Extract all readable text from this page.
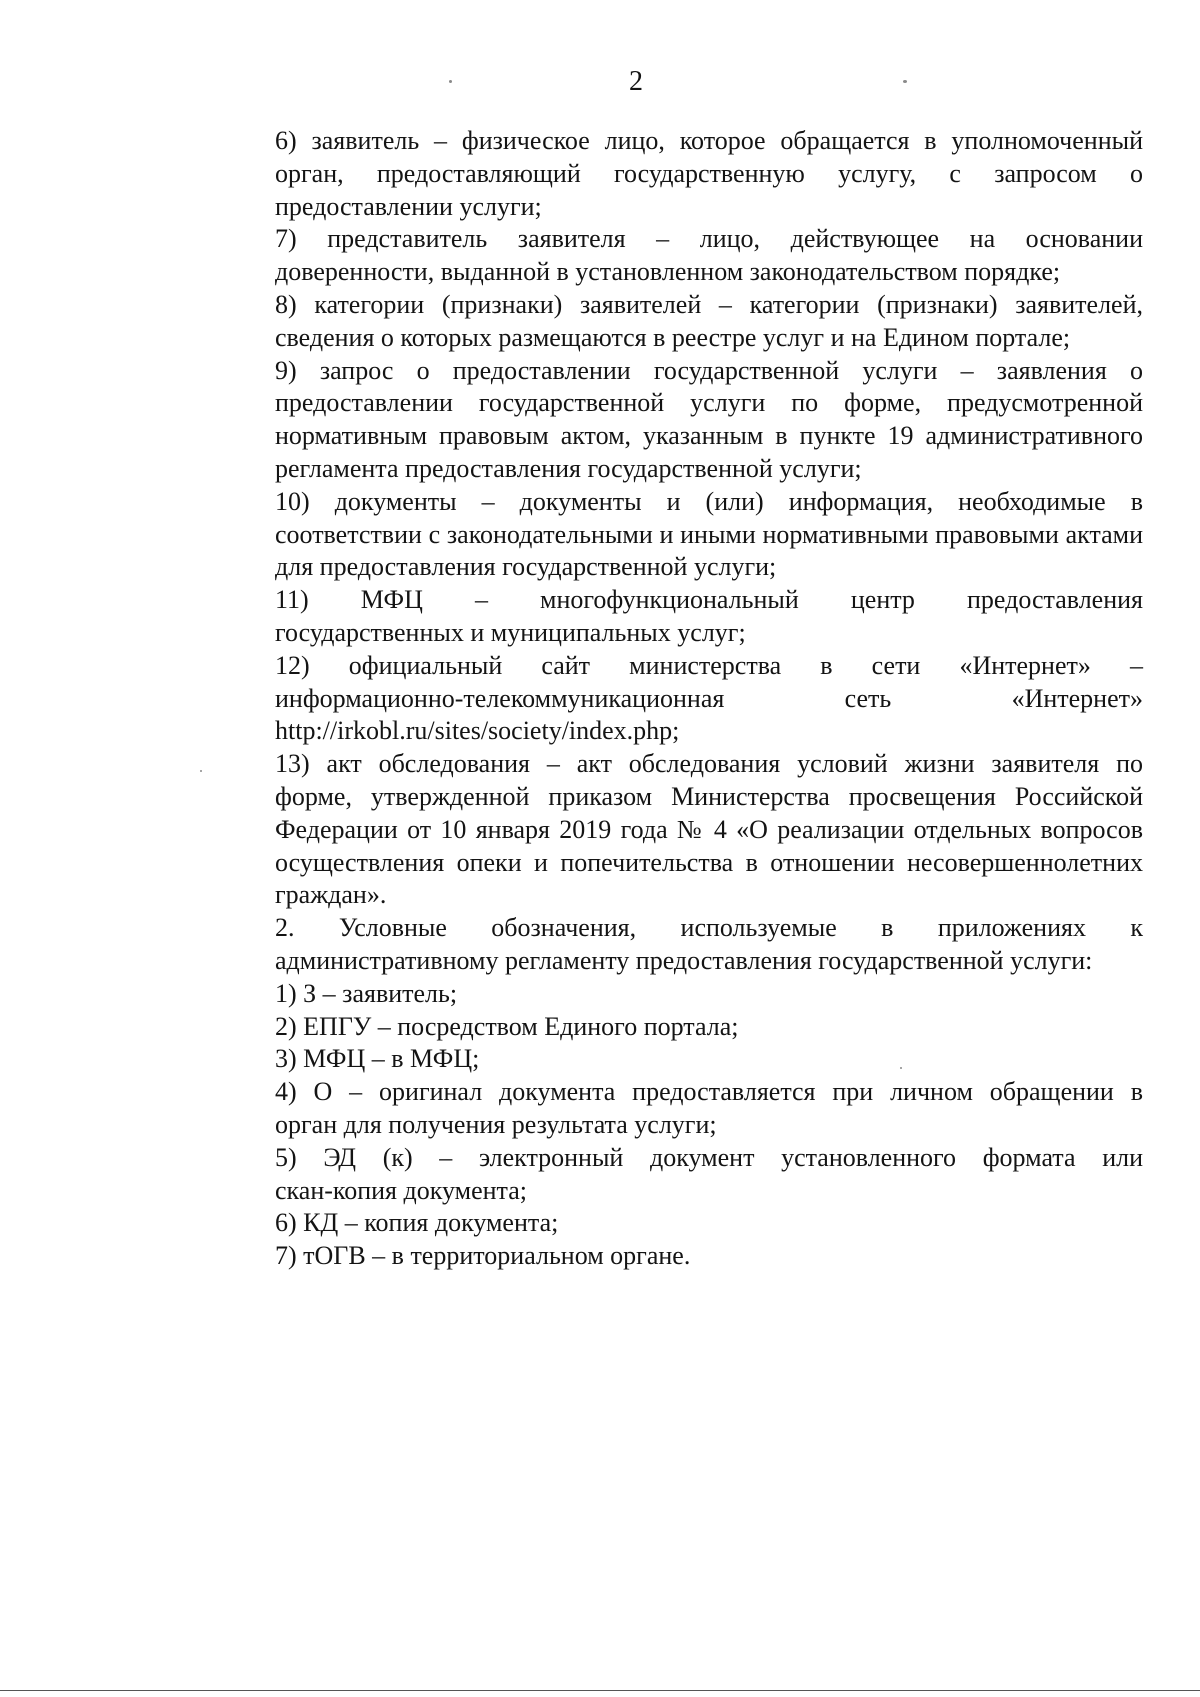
2

6) заявитель – физическое лицо, которое обращается в уполномоченный
орган, предоставляющий государственную услугу, с запросом о
предоставлении услуги;

7) представитель заявителя – лицо, действующее на основании
доверенности, выданной в установленном законодательством порядке;

8) категории (признаки) заявителей – категории (признаки) заявителей,
сведения о которых размещаются в реестре услуг и на Едином портале;

9) запрос о предоставлении государственной услуги – заявления о
предоставлении государственной услуги по форме, предусмотренной
нормативным правовым актом, указанным в пункте 19 административного
регламента предоставления государственной услуги;

10) документы – документы и (или) информация, необходимые в
соответствии с законодательными и иными нормативными правовыми актами
для предоставления государственной услуги;

11) МФЦ – многофункциональный центр предоставления
государственных и муниципальных услуг;

12) официальный сайт министерства в сети «Интернет» –
информационно-телекоммуникационная сеть «Интернет»
http://irkobl.ru/sites/society/index.php;

13) акт обследования – акт обследования условий жизни заявителя по
форме, утвержденной приказом Министерства просвещения Российской
Федерации от 10 января 2019 года № 4 «О реализации отдельных вопросов
осуществления опеки и попечительства в отношении несовершеннолетних
граждан».

2. Условные обозначения, используемые в приложениях к
административному регламенту предоставления государственной услуги:

1) З – заявитель;

2) ЕПГУ – посредством Единого портала;

3) МФЦ – в МФЦ;

4) О – оригинал документа предоставляется при личном обращении в
орган для получения результата услуги;

5) ЭД (к) – электронный документ установленного формата или
скан-копия документа;

6) КД – копия документа;

7) тОГВ – в территориальном органе.
